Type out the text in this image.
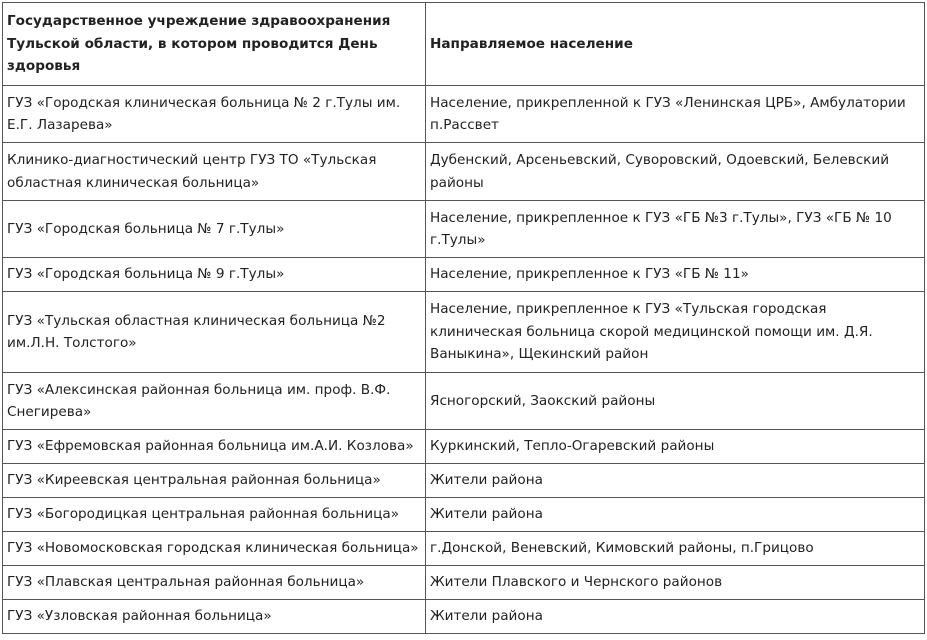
Государственное учреждение здравоохранения Тульской области, в котором проводится День здоровья	Направляемое население
ГУЗ «Городская клиническая больница № 2 г.Тулы им. Е.Г. Лазарева»	Население, прикрепленной к ГУЗ «Ленинская ЦРБ», Амбулатории п.Рассвет
Клинико-диагностический центр ГУЗ ТО «Тульская областная клиническая больница»	Дубенский, Арсеньевский, Суворовский, Одоевский, Белевский районы
ГУЗ «Городская больница № 7 г.Тулы»	Население, прикрепленное к ГУЗ «ГБ №3 г.Тулы», ГУЗ «ГБ № 10 г.Тулы»
ГУЗ «Городская больница № 9 г.Тулы»	Население, прикрепленное к ГУЗ «ГБ № 11»
ГУЗ «Тульская областная клиническая больница №2 им.Л.Н. Толстого»	Население, прикрепленное к ГУЗ «Тульская городская клиническая больница скорой медицинской помощи им. Д.Я. Ваныкина», Щекинский район
ГУЗ «Алексинская районная больница им. проф. В.Ф. Снегирева»	Ясногорский, Заокский районы
ГУЗ «Ефремовская районная больница им.А.И. Козлова»	Куркинский, Тепло-Огаревский районы
ГУЗ «Киреевская центральная районная больница»	Жители района
ГУЗ «Богородицкая центральная районная больница»	Жители района
ГУЗ «Новомосковская городская клиническая больница»	г.Донской, Веневский, Кимовский районы, п.Грицово
ГУЗ «Плавская центральная районная больница»	Жители Плавского и Чернского районов
ГУЗ «Узловская районная больница»	Жители района
